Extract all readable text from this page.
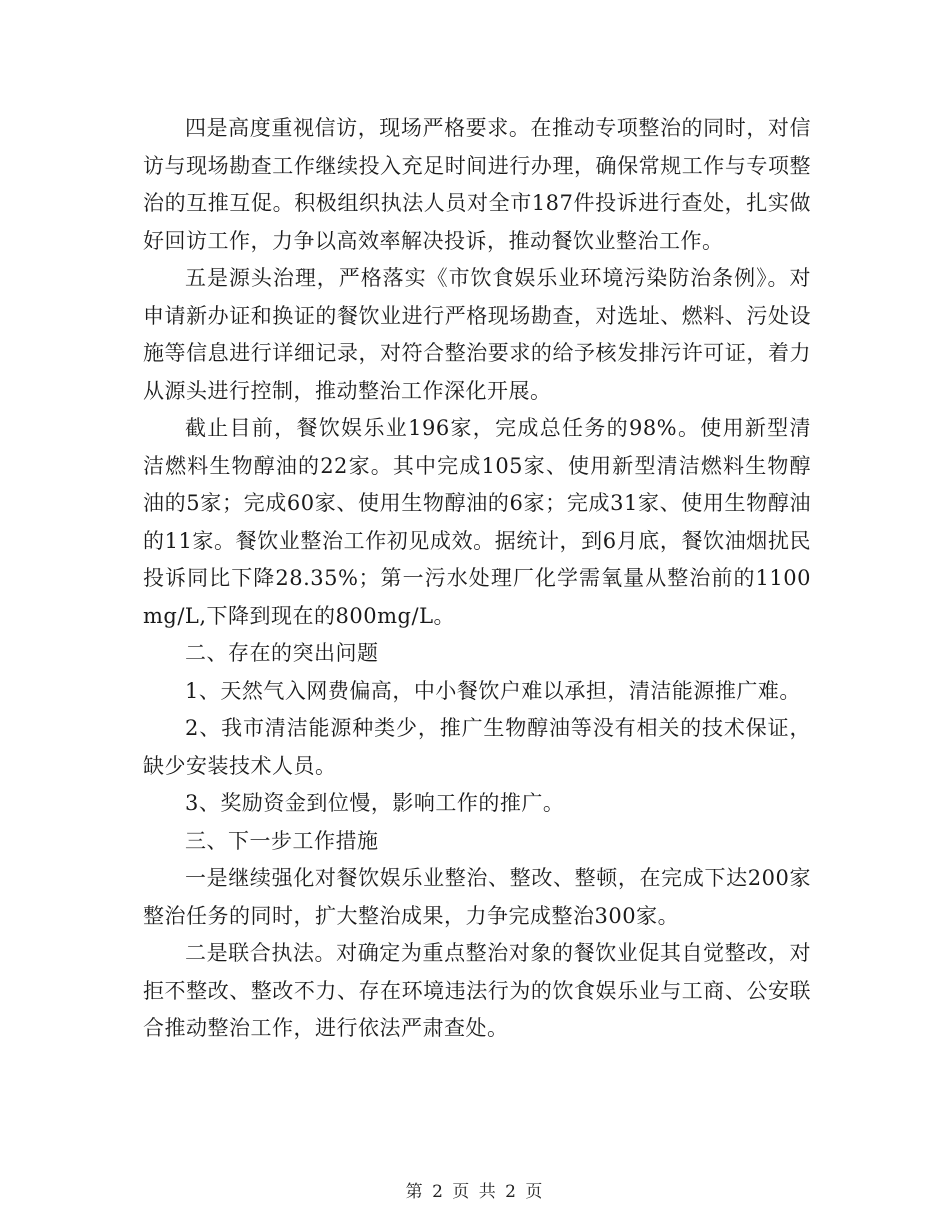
四是高度重视信访，现场严格要求。在推动专项整治的同时，对信访与现场勘查工作继续投入充足时间进行办理，确保常规工作与专项整治的互推互促。积极组织执法人员对全市187件投诉进行查处，扎实做好回访工作，力争以高效率解决投诉，推动餐饮业整治工作。

五是源头治理，严格落实《市饮食娱乐业环境污染防治条例》。对申请新办证和换证的餐饮业进行严格现场勘查，对选址、燃料、污处设施等信息进行详细记录，对符合整治要求的给予核发排污许可证，着力从源头进行控制，推动整治工作深化开展。

截止目前，餐饮娱乐业196家，完成总任务的98%。使用新型清洁燃料生物醇油的22家。其中完成105家、使用新型清洁燃料生物醇油的5家；完成60家、使用生物醇油的6家；完成31家、使用生物醇油的11家。餐饮业整治工作初见成效。据统计，到6月底，餐饮油烟扰民投诉同比下降28.35%；第一污水处理厂化学需氧量从整治前的1100mg/L,下降到现在的800mg/L。

二、存在的突出问题

1、天然气入网费偏高，中小餐饮户难以承担，清洁能源推广难。

2、我市清洁能源种类少，推广生物醇油等没有相关的技术保证，缺少安装技术人员。

3、奖励资金到位慢，影响工作的推广。

三、下一步工作措施

一是继续强化对餐饮娱乐业整治、整改、整顿，在完成下达200家整治任务的同时，扩大整治成果，力争完成整治300家。

二是联合执法。对确定为重点整治对象的餐饮业促其自觉整改，对拒不整改、整改不力、存在环境违法行为的饮食娱乐业与工商、公安联合推动整治工作，进行依法严肃查处。

第 2 页 共 2 页
